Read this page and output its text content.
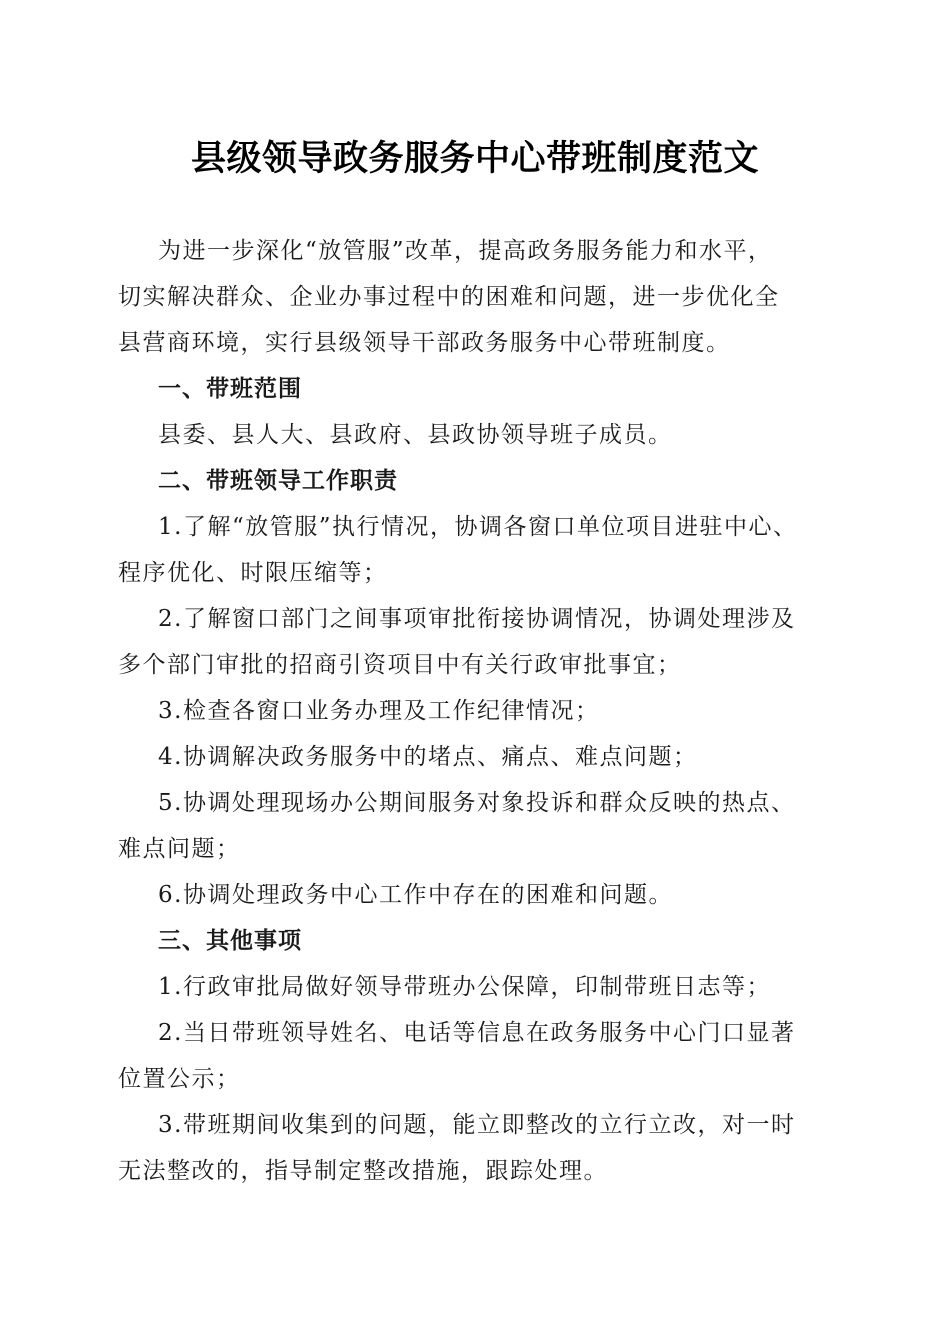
县级领导政务服务中心带班制度范文
为进一步深化“放管服”改革，提高政务服务能力和水平，
切实解决群众、企业办事过程中的困难和问题，进一步优化全
县营商环境，实行县级领导干部政务服务中心带班制度。
一、带班范围
县委、县人大、县政府、县政协领导班子成员。
二、带班领导工作职责
1.了解“放管服”执行情况，协调各窗口单位项目进驻中心、
程序优化、时限压缩等；
2.了解窗口部门之间事项审批衔接协调情况，协调处理涉及
多个部门审批的招商引资项目中有关行政审批事宜；
3.检查各窗口业务办理及工作纪律情况；
4.协调解决政务服务中的堵点、痛点、难点问题；
5.协调处理现场办公期间服务对象投诉和群众反映的热点、
难点问题；
6.协调处理政务中心工作中存在的困难和问题。
三、其他事项
1.行政审批局做好领导带班办公保障，印制带班日志等；
2.当日带班领导姓名、电话等信息在政务服务中心门口显著
位置公示；
3.带班期间收集到的问题，能立即整改的立行立改，对一时
无法整改的，指导制定整改措施，跟踪处理。
